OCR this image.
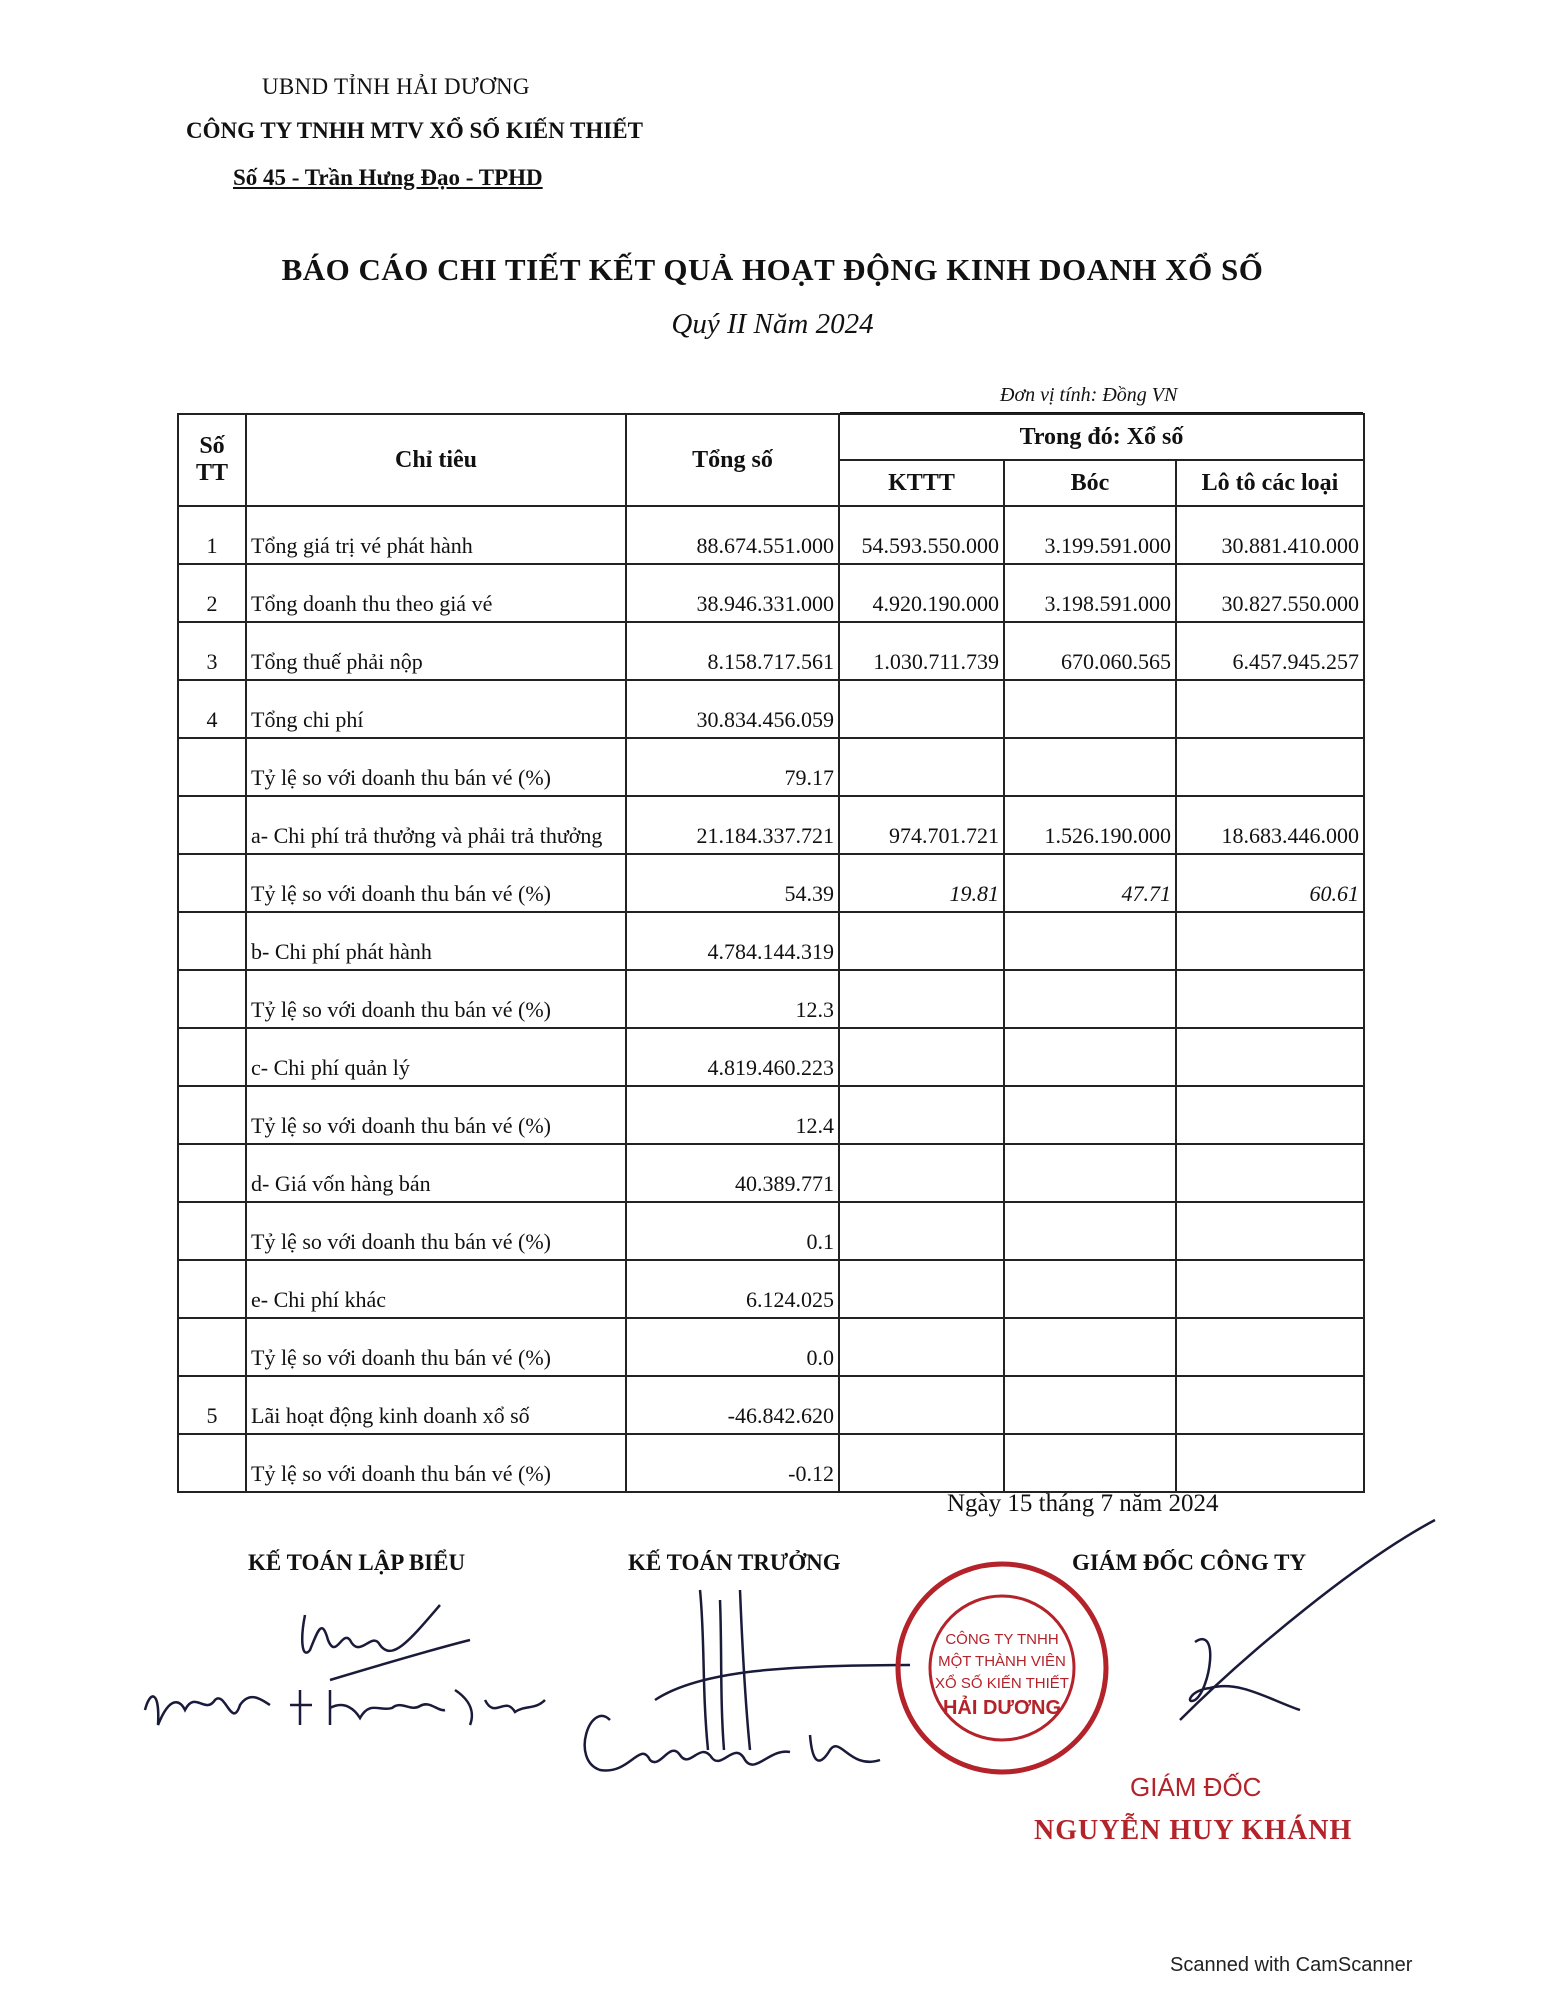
UBND TỈNH HẢI DƯƠNG
CÔNG TY TNHH MTV XỔ SỐ KIẾN THIẾT
Số 45 - Trần Hưng Đạo - TPHD
BÁO CÁO CHI TIẾT KẾT QUẢ HOẠT ĐỘNG KINH DOANH XỔ SỐ
Quý II Năm 2024
Đơn vị tính: Đồng VN
Số TT	Chỉ tiêu	Tổng số	Trong đó: Xổ số		
			KTTT	Bóc	Lô tô các loại
1	Tổng giá trị vé phát hành	88.674.551.000	54.593.550.000	3.199.591.000	30.881.410.000
2	Tổng doanh thu theo giá vé	38.946.331.000	4.920.190.000	3.198.591.000	30.827.550.000
3	Tổng thuế phải nộp	8.158.717.561	1.030.711.739	670.060.565	6.457.945.257
4	Tổng chi phí	30.834.456.059			
	Tỷ lệ so với doanh thu bán vé (%)	79.17			
	a- Chi phí trả thưởng và phải trả thưởng	21.184.337.721	974.701.721	1.526.190.000	18.683.446.000
	Tỷ lệ so với doanh thu bán vé (%)	54.39	19.81	47.71	60.61
	b- Chi phí phát hành	4.784.144.319			
	Tỷ lệ so với doanh thu bán vé (%)	12.3			
	c- Chi phí quản lý	4.819.460.223			
	Tỷ lệ so với doanh thu bán vé (%)	12.4			
	d- Giá vốn hàng bán	40.389.771			
	Tỷ lệ so với doanh thu bán vé (%)	0.1			
	e- Chi phí khác	6.124.025			
	Tỷ lệ so với doanh thu bán vé (%)	0.0			
5	Lãi hoạt động kinh doanh xổ số	-46.842.620			
	Tỷ lệ so với doanh thu bán vé (%)	-0.12			
Ngày 15 tháng 7 năm 2024
KẾ TOÁN LẬP BIỂU	KẾ TOÁN TRƯỞNG	GIÁM ĐỐC CÔNG TY
CÔNG TY TNHH
MỘT THÀNH VIÊN
XỔ SỐ KIẾN THIẾT
HẢI DƯƠNG
GIÁM ĐỐC
NGUYỄN HUY KHÁNH
Scanned with CamScanner
